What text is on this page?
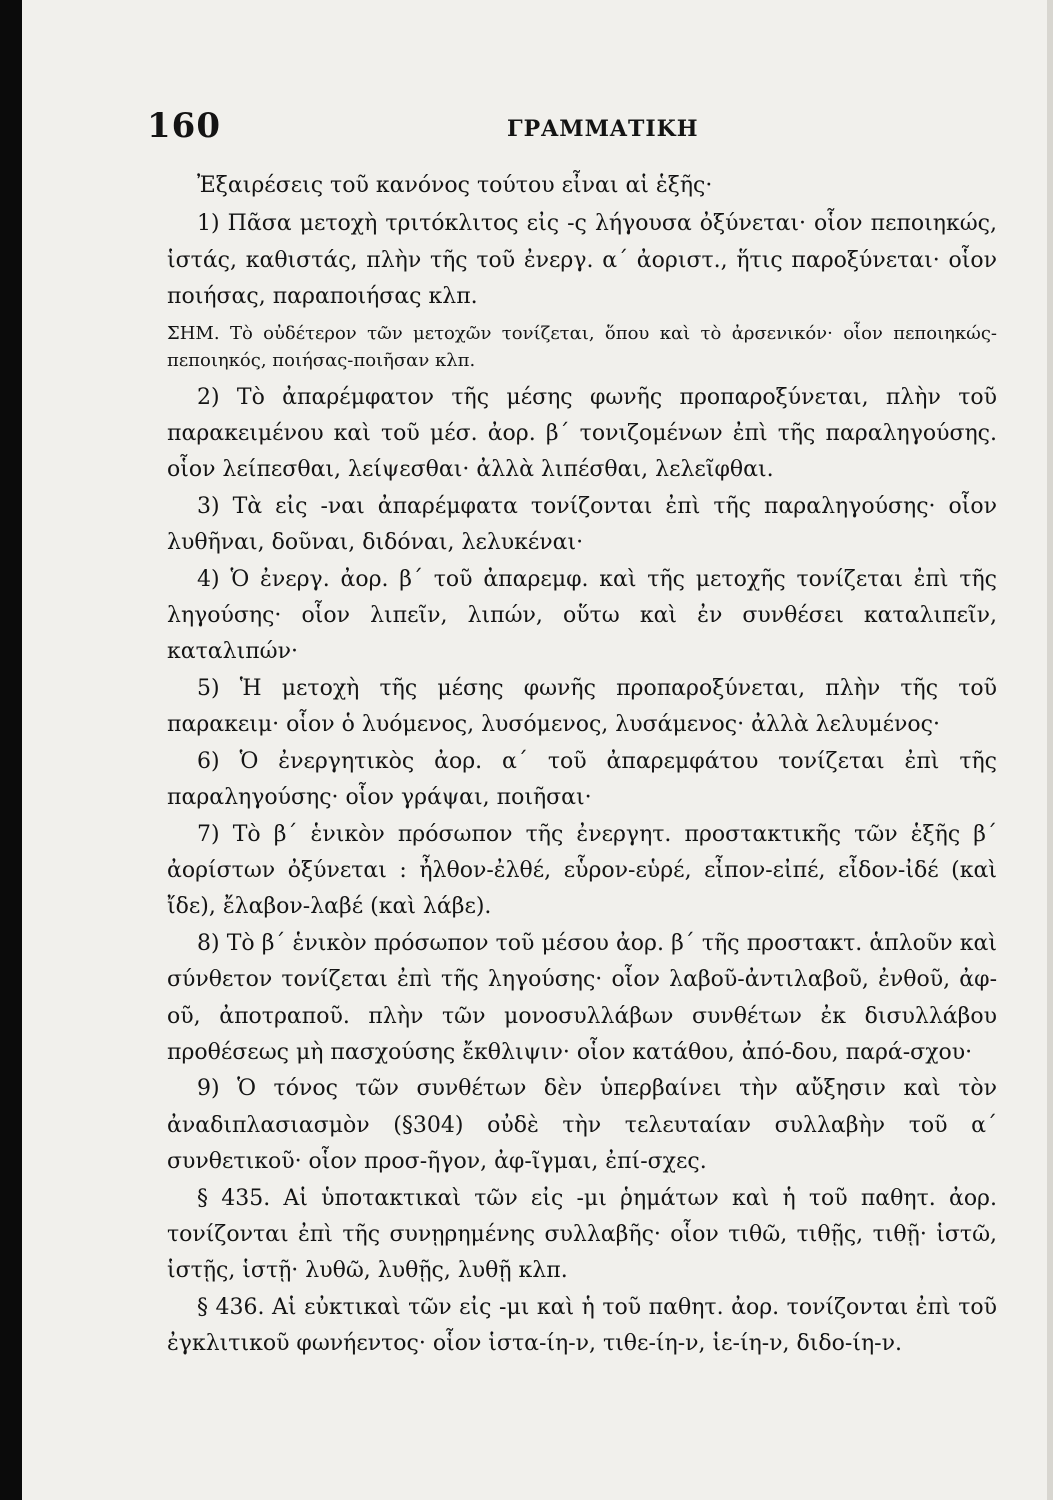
160	ΓΡΑΜΜΑΤΙΚΗ

Ἐξαιρέσεις τοῦ κανόνος τούτου εἶναι αἱ ἑξῆς·

1) Πᾶσα μετοχὴ τριτόκλιτος εἰς -ς λήγουσα ὀξύνεται· οἷον πεποιηκώς, ἱστάς, καθιστάς, πλὴν τῆς τοῦ ἐνεργ. α´ ἀοριστ., ἥτις παροξύνεται· οἷον ποιήσας, παραποιήσας κλπ.

ΣΗΜ. Τὸ οὐδέτερον τῶν μετοχῶν τονίζεται, ὅπου καὶ τὸ ἀρσενικόν· οἷον πεποιηκώς-πεποιηκός, ποιήσας-ποιῆσαν κλπ.

2) Τὸ ἀπαρέμφατον τῆς μέσης φωνῆς προπαροξύνεται, πλὴν τοῦ παρακειμένου καὶ τοῦ μέσ. ἀορ. β´ τονιζομένων ἐπὶ τῆς παραληγούσης. οἷον λείπεσθαι, λείψεσθαι· ἀλλὰ λιπέσθαι, λελεῖφθαι.

3) Τὰ εἰς -ναι ἀπαρέμφατα τονίζονται ἐπὶ τῆς παραληγούσης· οἷον λυθῆναι, δοῦναι, διδόναι, λελυκέναι·

4) Ὁ ἐνεργ. ἀορ. β´ τοῦ ἀπαρεμφ. καὶ τῆς μετοχῆς τονίζεται ἐπὶ τῆς ληγούσης· οἷον λιπεῖν, λιπών, οὕτω καὶ ἐν συνθέσει καταλιπεῖν, καταλιπών·

5) Ἡ μετοχὴ τῆς μέσης φωνῆς προπαροξύνεται, πλὴν τῆς τοῦ παρακειμ· οἷον ὁ λυόμενος, λυσόμενος, λυσάμενος· ἀλλὰ λελυμένος·

6) Ὁ ἐνεργητικὸς ἀορ. α´ τοῦ ἀπαρεμφάτου τονίζεται ἐπὶ τῆς παραληγούσης· οἷον γράψαι, ποιῆσαι·

7) Τὸ β´ ἑνικὸν πρόσωπον τῆς ἐνεργητ. προστακτικῆς τῶν ἑξῆς β´ ἀορίστων ὀξύνεται : ἦλθον-ἐλθέ, εὗρον-εὑρέ, εἶπον-εἰπέ, εἶδον-ἰδέ (καὶ ἴδε), ἔλαβον-λαβέ (καὶ λάβε).

8) Τὸ β´ ἑνικὸν πρόσωπον τοῦ μέσου ἀορ. β´ τῆς προστακτ. ἁπλοῦν καὶ σύνθετον τονίζεται ἐπὶ τῆς ληγούσης· οἷον λαβοῦ-ἀντιλαβοῦ, ἐνθοῦ, ἀφ-οῦ, ἀποτραποῦ. πλὴν τῶν μονοσυλλάβων συνθέτων ἐκ δισυλλάβου προθέσεως μὴ πασχούσης ἔκθλιψιν· οἷον κατάθου, ἀπό-δου, παρά-σχου·

9) Ὁ τόνος τῶν συνθέτων δὲν ὑπερβαίνει τὴν αὔξησιν καὶ τὸν ἀναδιπλασιασμὸν (§304) οὐδὲ τὴν τελευταίαν συλλαβὴν τοῦ α´ συνθετικοῦ· οἷον προσ-ῆγον, ἀφ-ῖγμαι, ἐπί-σχες.

§ 435. Αἱ ὑποτακτικαὶ τῶν εἰς -μι ῥημάτων καὶ ἡ τοῦ παθητ. ἀορ. τονίζονται ἐπὶ τῆς συνῃρημένης συλλαβῆς· οἷον τιθῶ, τιθῇς, τιθῇ· ἱστῶ, ἱστῇς, ἱστῇ· λυθῶ, λυθῇς, λυθῇ κλπ.

§ 436. Αἱ εὐκτικαὶ τῶν εἰς -μι καὶ ἡ τοῦ παθητ. ἀορ. τονίζονται ἐπὶ τοῦ ἐγκλιτικοῦ φωνήεντος· οἷον ἱστα-ίη-ν, τιθε-ίη-ν, ἱε-ίη-ν, διδο-ίη-ν.
